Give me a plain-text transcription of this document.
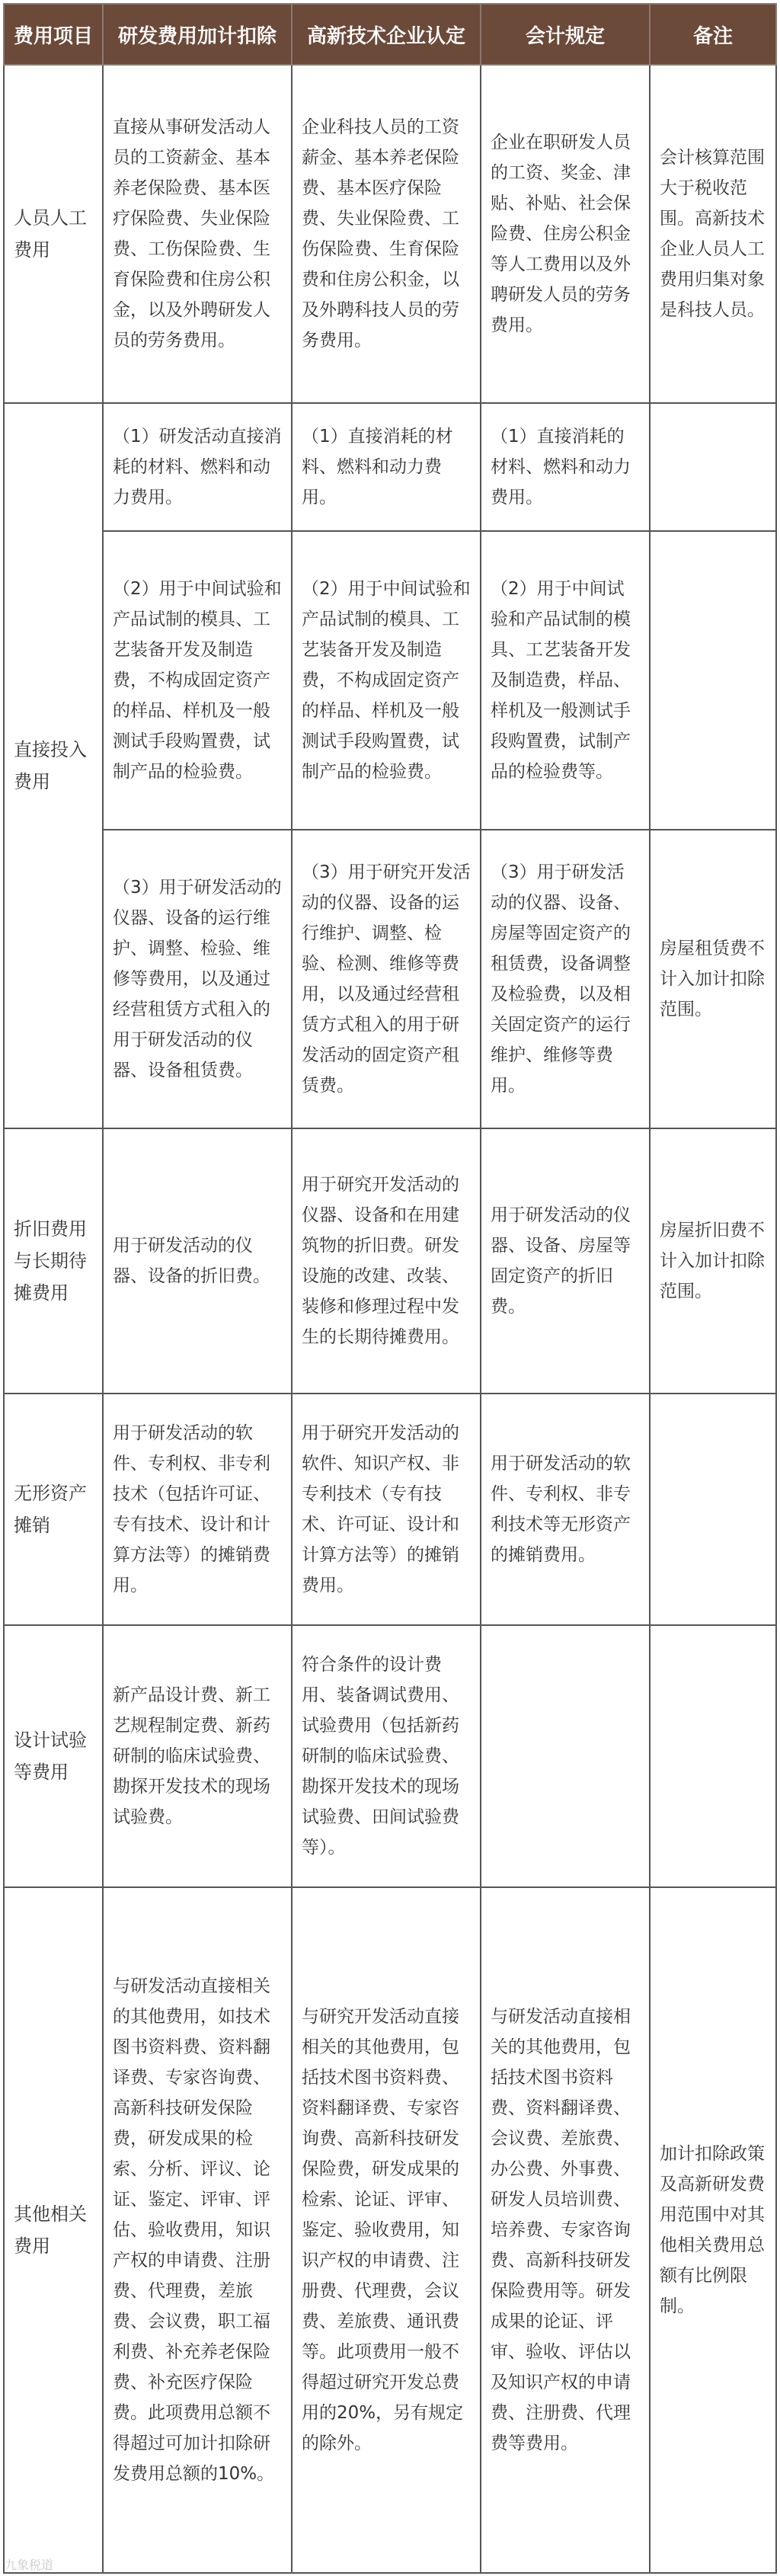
费用项目	研发费用加计扣除	高新技术企业认定	会计规定	备注
人员人工费用	直接从事研发活动人员的工资薪金、基本养老保险费、基本医疗保险费、失业保险费、工伤保险费、生育保险费和住房公积金，以及外聘研发人员的劳务费用。	企业科技人员的工资薪金、基本养老保险费、基本医疗保险费、失业保险费、工伤保险费、生育保险费和住房公积金，以及外聘科技人员的劳务费用。	企业在职研发人员的工资、奖金、津贴、补贴、社会保险费、住房公积金等人工费用以及外聘研发人员的劳务费用。	会计核算范围大于税收范围。高新技术企业人员人工费用归集对象是科技人员。
直接投入费用	（1）研发活动直接消耗的材料、燃料和动力费用。	（1）直接消耗的材料、燃料和动力费用。	（1）直接消耗的材料、燃料和动力费用。	
	（2）用于中间试验和产品试制的模具、工艺装备开发及制造费，不构成固定资产的样品、样机及一般测试手段购置费，试制产品的检验费。	（2）用于中间试验和产品试制的模具、工艺装备开发及制造费，不构成固定资产的样品、样机及一般测试手段购置费，试制产品的检验费。	（2）用于中间试验和产品试制的模具、工艺装备开发及制造费，样品、样机及一般测试手段购置费，试制产品的检验费等。	
	（3）用于研发活动的仪器、设备的运行维护、调整、检验、维修等费用，以及通过经营租赁方式租入的用于研发活动的仪器、设备租赁费。	（3）用于研究开发活动的仪器、设备的运行维护、调整、检验、检测、维修等费用，以及通过经营租赁方式租入的用于研发活动的固定资产租赁费。	（3）用于研发活动的仪器、设备、房屋等固定资产的租赁费，设备调整及检验费，以及相关固定资产的运行维护、维修等费用。	房屋租赁费不计入加计扣除范围。
折旧费用与长期待摊费用	用于研发活动的仪器、设备的折旧费。	用于研究开发活动的仪器、设备和在用建筑物的折旧费。研发设施的改建、改装、装修和修理过程中发生的长期待摊费用。	用于研发活动的仪器、设备、房屋等固定资产的折旧费。	房屋折旧费不计入加计扣除范围。
无形资产摊销	用于研发活动的软件、专利权、非专利技术（包括许可证、专有技术、设计和计算方法等）的摊销费用。	用于研究开发活动的软件、知识产权、非专利技术（专有技术、许可证、设计和计算方法等）的摊销费用。	用于研发活动的软件、专利权、非专利技术等无形资产的摊销费用。	
设计试验等费用	新产品设计费、新工艺规程制定费、新药研制的临床试验费、勘探开发技术的现场试验费。	符合条件的设计费用、装备调试费用、试验费用（包括新药研制的临床试验费、勘探开发技术的现场试验费、田间试验费等）。		
其他相关费用	与研发活动直接相关的其他费用，如技术图书资料费、资料翻译费、专家咨询费、高新科技研发保险费，研发成果的检索、分析、评议、论证、鉴定、评审、评估、验收费用，知识产权的申请费、注册费、代理费，差旅费、会议费，职工福利费、补充养老保险费、补充医疗保险费。此项费用总额不得超过可加计扣除研发费用总额的10%。	与研究开发活动直接相关的其他费用，包括技术图书资料费、资料翻译费、专家咨询费、高新科技研发保险费，研发成果的检索、论证、评审、鉴定、验收费用，知识产权的申请费、注册费、代理费，会议费、差旅费、通讯费等。此项费用一般不得超过研究开发总费用的20%，另有规定的除外。	与研发活动直接相关的其他费用，包括技术图书资料费、资料翻译费、会议费、差旅费、办公费、外事费、研发人员培训费、培养费、专家咨询费、高新科技研发保险费用等。研发成果的论证、评审、验收、评估以及知识产权的申请费、注册费、代理费等费用。	加计扣除政策及高新研发费用范围中对其他相关费用总额有比例限制。
九象税道
